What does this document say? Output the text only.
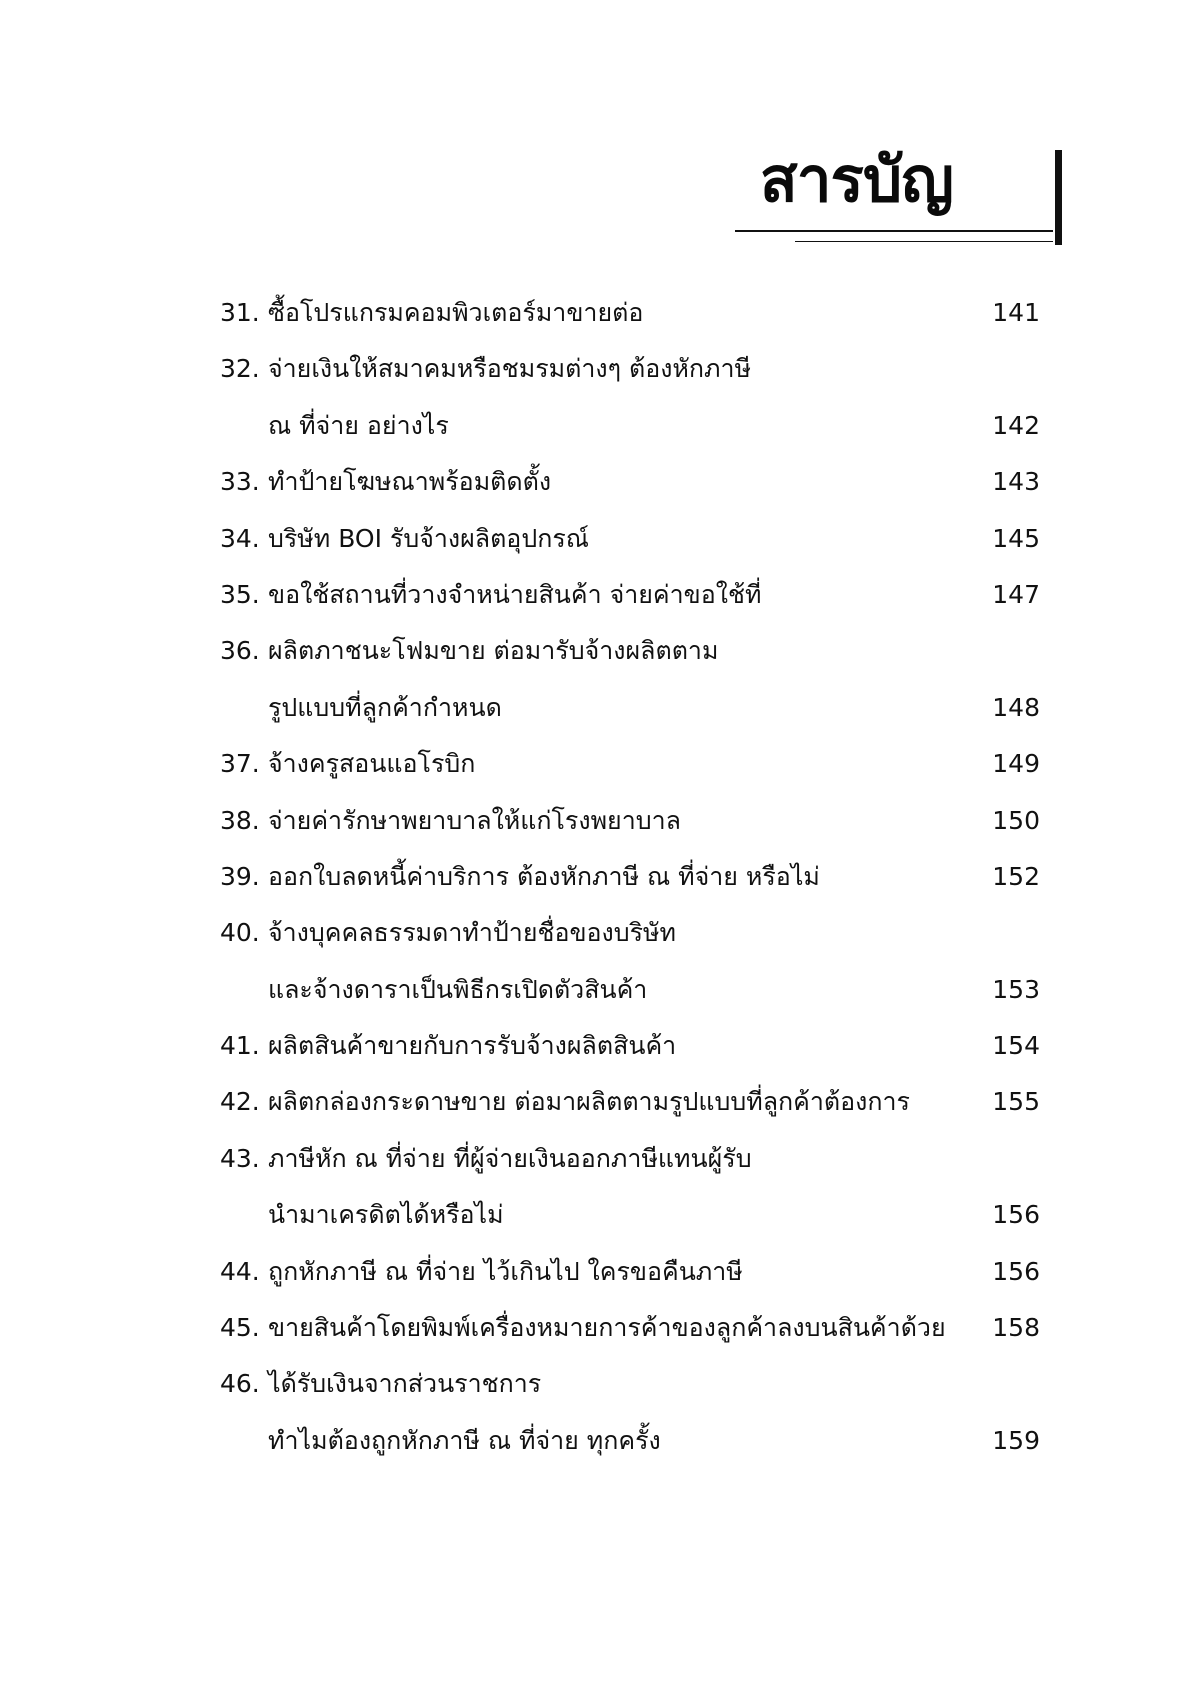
สารบัญ
31. ซื้อโปรแกรมคอมพิวเตอร์มาขายต่อ	141
32. จ่ายเงินให้สมาคมหรือชมรมต่างๆ ต้องหักภาษี
ณ ที่จ่าย อย่างไร	142
33. ทำป้ายโฆษณาพร้อมติดตั้ง	143
34. บริษัท BOI รับจ้างผลิตอุปกรณ์	145
35. ขอใช้สถานที่วางจำหน่ายสินค้า จ่ายค่าขอใช้ที่	147
36. ผลิตภาชนะโฟมขาย ต่อมารับจ้างผลิตตาม
รูปแบบที่ลูกค้ากำหนด	148
37. จ้างครูสอนแอโรบิก	149
38. จ่ายค่ารักษาพยาบาลให้แก่โรงพยาบาล	150
39. ออกใบลดหนี้ค่าบริการ ต้องหักภาษี ณ ที่จ่าย หรือไม่	152
40. จ้างบุคคลธรรมดาทำป้ายชื่อของบริษัท
และจ้างดาราเป็นพิธีกรเปิดตัวสินค้า	153
41. ผลิตสินค้าขายกับการรับจ้างผลิตสินค้า	154
42. ผลิตกล่องกระดาษขาย ต่อมาผลิตตามรูปแบบที่ลูกค้าต้องการ	155
43. ภาษีหัก ณ ที่จ่าย ที่ผู้จ่ายเงินออกภาษีแทนผู้รับ
นำมาเครดิตได้หรือไม่	156
44. ถูกหักภาษี ณ ที่จ่าย ไว้เกินไป ใครขอคืนภาษี	156
45. ขายสินค้าโดยพิมพ์เครื่องหมายการค้าของลูกค้าลงบนสินค้าด้วย 158
46. ได้รับเงินจากส่วนราชการ
ทำไมต้องถูกหักภาษี ณ ที่จ่าย ทุกครั้ง	159
